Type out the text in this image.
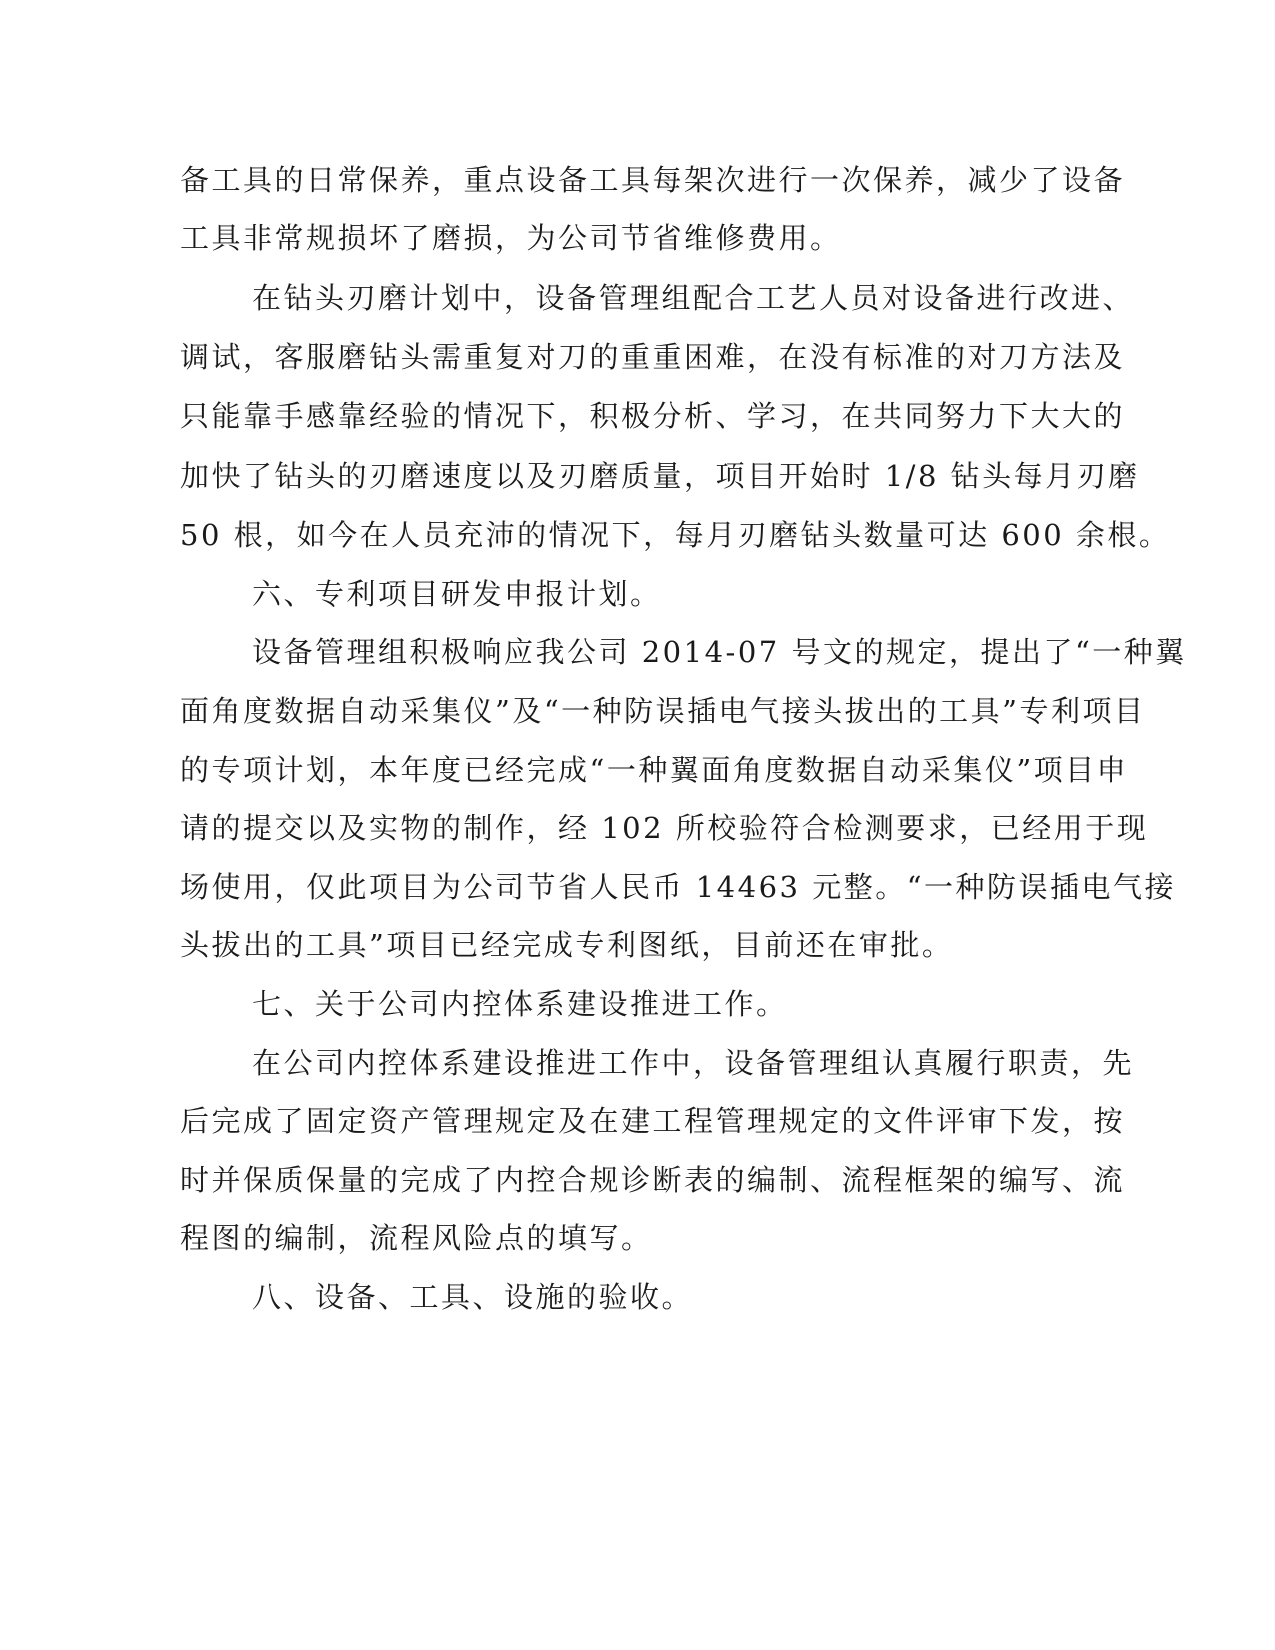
备工具的日常保养，重点设备工具每架次进行一次保养，减少了设备
工具非常规损坏了磨损，为公司节省维修费用。
在钻头刃磨计划中，设备管理组配合工艺人员对设备进行改进、
调试，客服磨钻头需重复对刀的重重困难，在没有标准的对刀方法及
只能靠手感靠经验的情况下，积极分析、学习，在共同努力下大大的
加快了钻头的刃磨速度以及刃磨质量，项目开始时 1/8 钻头每月刃磨
50 根，如今在人员充沛的情况下，每月刃磨钻头数量可达 600 余根。
六、专利项目研发申报计划。
设备管理组积极响应我公司 2014-07 号文的规定，提出了“一种翼
面角度数据自动采集仪”及“一种防误插电气接头拔出的工具”专利项目
的专项计划，本年度已经完成“一种翼面角度数据自动采集仪”项目申
请的提交以及实物的制作，经 102 所校验符合检测要求，已经用于现
场使用，仅此项目为公司节省人民币 14463 元整。“一种防误插电气接
头拔出的工具”项目已经完成专利图纸，目前还在审批。
七、关于公司内控体系建设推进工作。
在公司内控体系建设推进工作中，设备管理组认真履行职责，先
后完成了固定资产管理规定及在建工程管理规定的文件评审下发，按
时并保质保量的完成了内控合规诊断表的编制、流程框架的编写、流
程图的编制，流程风险点的填写。
八、设备、工具、设施的验收。
